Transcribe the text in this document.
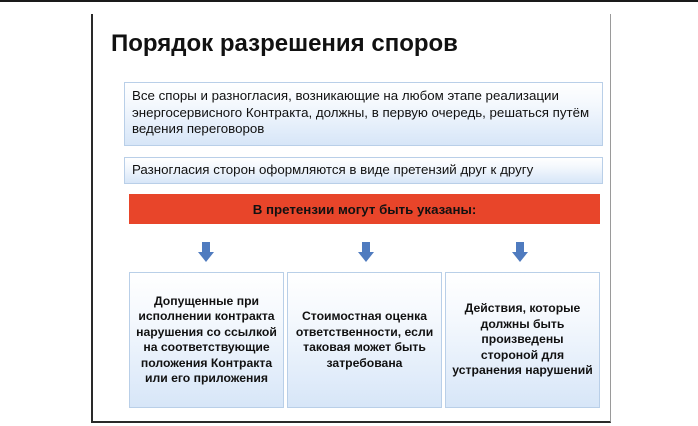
Порядок разрешения споров
Все споры и разногласия, возникающие на любом этапе реализации энергосервисного Контракта, должны, в первую очередь, решаться путём ведения переговоров
Разногласия сторон оформляются в виде претензий друг к другу
В претензии могут быть указаны:
Допущенные при исполнении контракта нарушения со ссылкой на соответствующие положения Контракта или его приложения
Стоимостная оценка ответственности, если таковая может быть затребована
Действия, которые должны быть произведены стороной для устранения нарушений
